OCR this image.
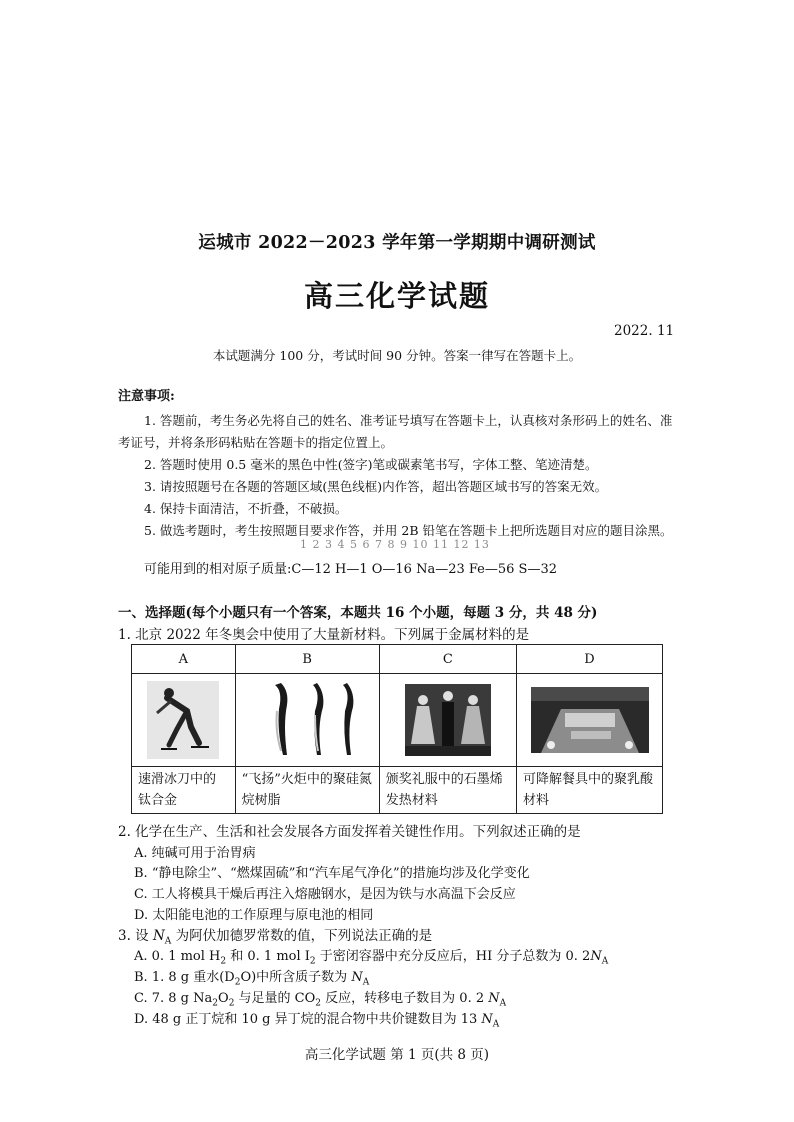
运城市 2022－2023 学年第一学期期中调研测试
高三化学试题
2022. 11
本试题满分 100 分，考试时间 90 分钟。答案一律写在答题卡上。
注意事项:
1. 答题前，考生务必先将自己的姓名、准考证号填写在答题卡上，认真核对条形码上的姓名、准考证号，并将条形码粘贴在答题卡的指定位置上。
2. 答题时使用 0.5 毫米的黑色中性(签字)笔或碳素笔书写，字体工整、笔迹清楚。
3. 请按照题号在各题的答题区域(黑色线框)内作答，超出答题区域书写的答案无效。
4. 保持卡面清洁，不折叠，不破损。
5. 做选考题时，考生按照题目要求作答，并用 2B 铅笔在答题卡上把所选题目对应的题目涂黑。
1 2 3 4 5 6 7 8 9 10 11 12 13
可能用到的相对原子质量:C—12 H—1 O—16 Na—23 Fe—56 S—32
一、选择题(每个小题只有一个答案，本题共 16 个小题，每题 3 分，共 48 分)
1. 北京 2022 年冬奥会中使用了大量新材料。下列属于金属材料的是
A	B	C	D

速滑冰刀中的钛合金	“飞扬”火炬中的聚硅氮烷树脂	颁奖礼服中的石墨烯发热材料	可降解餐具中的聚乳酸材料
2. 化学在生产、生活和社会发展各方面发挥着关键性作用。下列叙述正确的是
A. 纯碱可用于治胃病
B. “静电除尘”、“燃煤固硫”和“汽车尾气净化”的措施均涉及化学变化
C. 工人将模具干燥后再注入熔融钢水，是因为铁与水高温下会反应
D. 太阳能电池的工作原理与原电池的相同
3. 设 $N_A$ 为阿伏加德罗常数的值，下列说法正确的是
A. 0. 1 mol $H_2$ 和 0. 1 mol $I_2$ 于密闭容器中充分反应后，HI 分子总数为 0. $2N_A$
B. 1. 8 g 重水$(D_2O)$中所含质子数为 $N_A$
C. 7. 8 g $Na_2O_2$ 与足量的 $CO_2$ 反应，转移电子数目为 0. 2 $N_A$
D. 48 g 正丁烷和 10 g 异丁烷的混合物中共价键数目为 13 $N_A$
高三化学试题 第 1 页(共 8 页)
